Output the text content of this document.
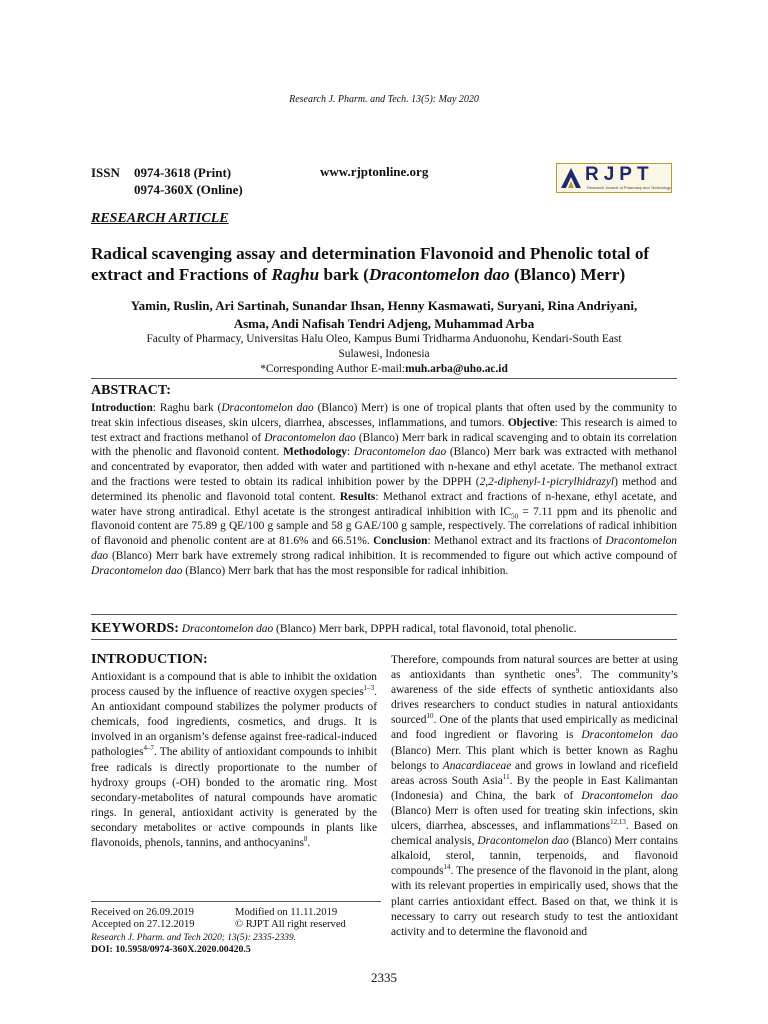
Research J. Pharm. and Tech. 13(5): May 2020
ISSN	0974-3618 (Print)
0974-360X (Online)
www.rjptonline.org	RJPT
Research Journal of Pharmacy and Technology
RESEARCH ARTICLE
Radical scavenging assay and determination Flavonoid and Phenolic total of extract and Fractions of Raghu bark (Dracontomelon dao (Blanco) Merr)
Yamin, Ruslin, Ari Sartinah, Sunandar Ihsan, Henny Kasmawati, Suryani, Rina Andriyani,
Asma, Andi Nafisah Tendri Adjeng, Muhammad Arba
Faculty of Pharmacy, Universitas Halu Oleo, Kampus Bumi Tridharma Anduonohu, Kendari-South East
Sulawesi, Indonesia
*Corresponding Author E-mail:muh.arba@uho.ac.id
ABSTRACT:
Introduction: Raghu bark (Dracontomelon dao (Blanco) Merr) is one of tropical plants that often used by the community to treat skin infectious diseases, skin ulcers, diarrhea, abscesses, inflammations, and tumors. Objective: This research is aimed to test extract and fractions methanol of Dracontomelon dao (Blanco) Merr bark in radical scavenging and to obtain its correlation with the phenolic and flavonoid content. Methodology: Dracontomelon dao (Blanco) Merr bark was extracted with methanol and concentrated by evaporator, then added with water and partitioned with n-hexane and ethyl acetate. The methanol extract and the fractions were tested to obtain its radical inhibition power by the DPPH (2,2-diphenyl-1-picrylhidrazyl) method and determined its phenolic and flavonoid total content. Results: Methanol extract and fractions of n-hexane, ethyl acetate, and water have strong antiradical. Ethyl acetate is the strongest antiradical inhibition with $IC_{50} = 7.11$ ppm and its phenolic and flavonoid content are 75.89 g QE/100 g sample and 58 g GAE/100 g sample, respectively. The correlations of radical inhibition of flavonoid and phenolic content are at 81.6% and 66.51%. Conclusion: Methanol extract and its fractions of Dracontomelon dao (Blanco) Merr bark have extremely strong radical inhibition. It is recommended to figure out which active compound of Dracontomelon dao (Blanco) Merr bark that has the most responsible for radical inhibition.
KEYWORDS: Dracontomelon dao (Blanco) Merr bark, DPPH radical, total flavonoid, total phenolic.
INTRODUCTION:
Antioxidant is a compound that is able to inhibit the oxidation process caused by the influence of reactive oxygen species$^{1-3}$. An antioxidant compound stabilizes the polymer products of chemicals, food ingredients, cosmetics, and drugs. It is involved in an organism’s defense against free-radical-induced pathologies$^{4-7}$. The ability of antioxidant compounds to inhibit free radicals is directly proportionate to the number of hydroxy groups (-OH) bonded to the aromatic ring. Most secondary-metabolites of natural compounds have aromatic rings. In general, antioxidant activity is generated by the secondary metabolites or active compounds in plants like flavonoids, phenols, tannins, and anthocyanins$^8$.
Therefore, compounds from natural sources are better at using as antioxidants than synthetic ones$^9$. The community’s awareness of the side effects of synthetic antioxidants also drives researchers to conduct studies in natural antioxidants sourced$^{10}$. One of the plants that used empirically as medicinal and food ingredient or flavoring is Dracontomelon dao (Blanco) Merr. This plant which is better known as Raghu belongs to Anacardiaceae and grows in lowland and ricefield areas across South Asia$^{11}$. By the people in East Kalimantan (Indonesia) and China, the bark of Dracontomelon dao (Blanco) Merr is often used for treating skin infections, skin ulcers, diarrhea, abscesses, and inflammations$^{12,13}$. Based on chemical analysis, Dracontomelon dao (Blanco) Merr contains alkaloid, sterol, tannin, terpenoids, and flavonoid compounds$^{14}$. The presence of the flavonoid in the plant, along with its relevant properties in empirically used, shows that the plant carries antioxidant effect. Based on that, we think it is necessary to carry out research study to test the antioxidant activity and to determine the flavonoid and
Received on 26.09.2019	Modified on 11.11.2019
Accepted on 27.12.2019	© RJPT All right reserved
Research J. Pharm. and Tech 2020; 13(5): 2335-2339.
DOI: 10.5958/0974-360X.2020.00420.5
2335
